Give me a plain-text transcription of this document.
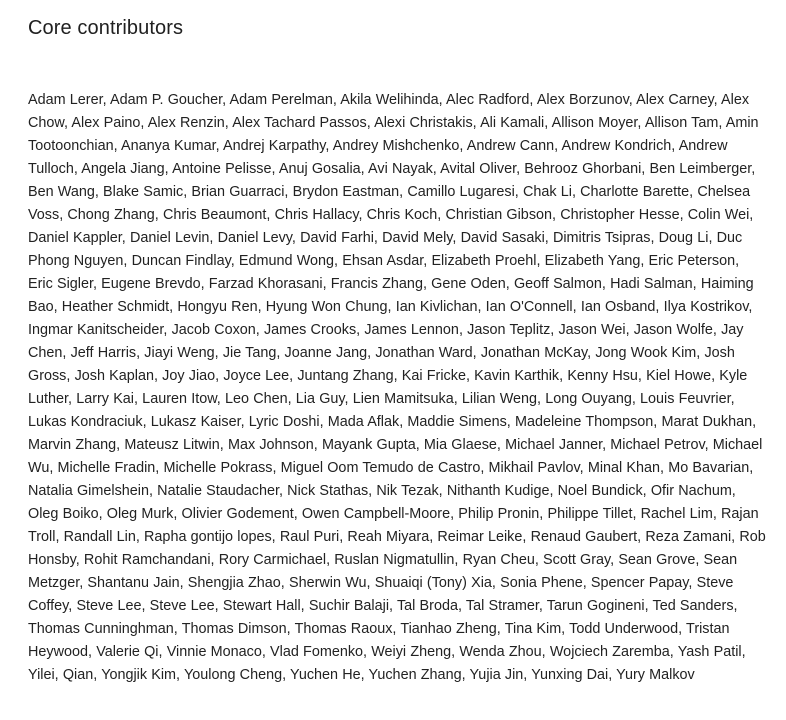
Core contributors

Adam Lerer, Adam P. Goucher, Adam Perelman, Akila Welihinda, Alec Radford, Alex Borzunov, Alex Carney, Alex Chow, Alex Paino, Alex Renzin, Alex Tachard Passos, Alexi Christakis, Ali Kamali, Allison Moyer, Allison Tam, Amin Tootoonchian, Ananya Kumar, Andrej Karpathy, Andrey Mishchenko, Andrew Cann, Andrew Kondrich, Andrew Tulloch, Angela Jiang, Antoine Pelisse, Anuj Gosalia, Avi Nayak, Avital Oliver, Behrooz Ghorbani, Ben Leimberger, Ben Wang, Blake Samic, Brian Guarraci, Brydon Eastman, Camillo Lugaresi, Chak Li, Charlotte Barette, Chelsea Voss, Chong Zhang, Chris Beaumont, Chris Hallacy, Chris Koch, Christian Gibson, Christopher Hesse, Colin Wei, Daniel Kappler, Daniel Levin, Daniel Levy, David Farhi, David Mely, David Sasaki, Dimitris Tsipras, Doug Li, Duc Phong Nguyen, Duncan Findlay, Edmund Wong, Ehsan Asdar, Elizabeth Proehl, Elizabeth Yang, Eric Peterson, Eric Sigler, Eugene Brevdo, Farzad Khorasani, Francis Zhang, Gene Oden, Geoff Salmon, Hadi Salman, Haiming Bao, Heather Schmidt, Hongyu Ren, Hyung Won Chung, Ian Kivlichan, Ian O'Connell, Ian Osband, Ilya Kostrikov, Ingmar Kanitscheider, Jacob Coxon, James Crooks, James Lennon, Jason Teplitz, Jason Wei, Jason Wolfe, Jay Chen, Jeff Harris, Jiayi Weng, Jie Tang, Joanne Jang, Jonathan Ward, Jonathan McKay, Jong Wook Kim, Josh Gross, Josh Kaplan, Joy Jiao, Joyce Lee, Juntang Zhang, Kai Fricke, Kavin Karthik, Kenny Hsu, Kiel Howe, Kyle Luther, Larry Kai, Lauren Itow, Leo Chen, Lia Guy, Lien Mamitsuka, Lilian Weng, Long Ouyang, Louis Feuvrier, Lukas Kondraciuk, Lukasz Kaiser, Lyric Doshi, Mada Aflak, Maddie Simens, Madeleine Thompson, Marat Dukhan, Marvin Zhang, Mateusz Litwin, Max Johnson, Mayank Gupta, Mia Glaese, Michael Janner, Michael Petrov, Michael Wu, Michelle Fradin, Michelle Pokrass, Miguel Oom Temudo de Castro, Mikhail Pavlov, Minal Khan, Mo Bavarian, Natalia Gimelshein, Natalie Staudacher, Nick Stathas, Nik Tezak, Nithanth Kudige, Noel Bundick, Ofir Nachum, Oleg Boiko, Oleg Murk, Olivier Godement, Owen Campbell-Moore, Philip Pronin, Philippe Tillet, Rachel Lim, Rajan Troll, Randall Lin, Rapha gontijo lopes, Raul Puri, Reah Miyara, Reimar Leike, Renaud Gaubert, Reza Zamani, Rob Honsby, Rohit Ramchandani, Rory Carmichael, Ruslan Nigmatullin, Ryan Cheu, Scott Gray, Sean Grove, Sean Metzger, Shantanu Jain, Shengjia Zhao, Sherwin Wu, Shuaiqi (Tony) Xia, Sonia Phene, Spencer Papay, Steve Coffey, Steve Lee, Steve Lee, Stewart Hall, Suchir Balaji, Tal Broda, Tal Stramer, Tarun Gogineni, Ted Sanders, Thomas Cunninghman, Thomas Dimson, Thomas Raoux, Tianhao Zheng, Tina Kim, Todd Underwood, Tristan Heywood, Valerie Qi, Vinnie Monaco, Vlad Fomenko, Weiyi Zheng, Wenda Zhou, Wojciech Zaremba, Yash Patil, Yilei, Qian, Yongjik Kim, Youlong Cheng, Yuchen He, Yuchen Zhang, Yujia Jin, Yunxing Dai, Yury Malkov
